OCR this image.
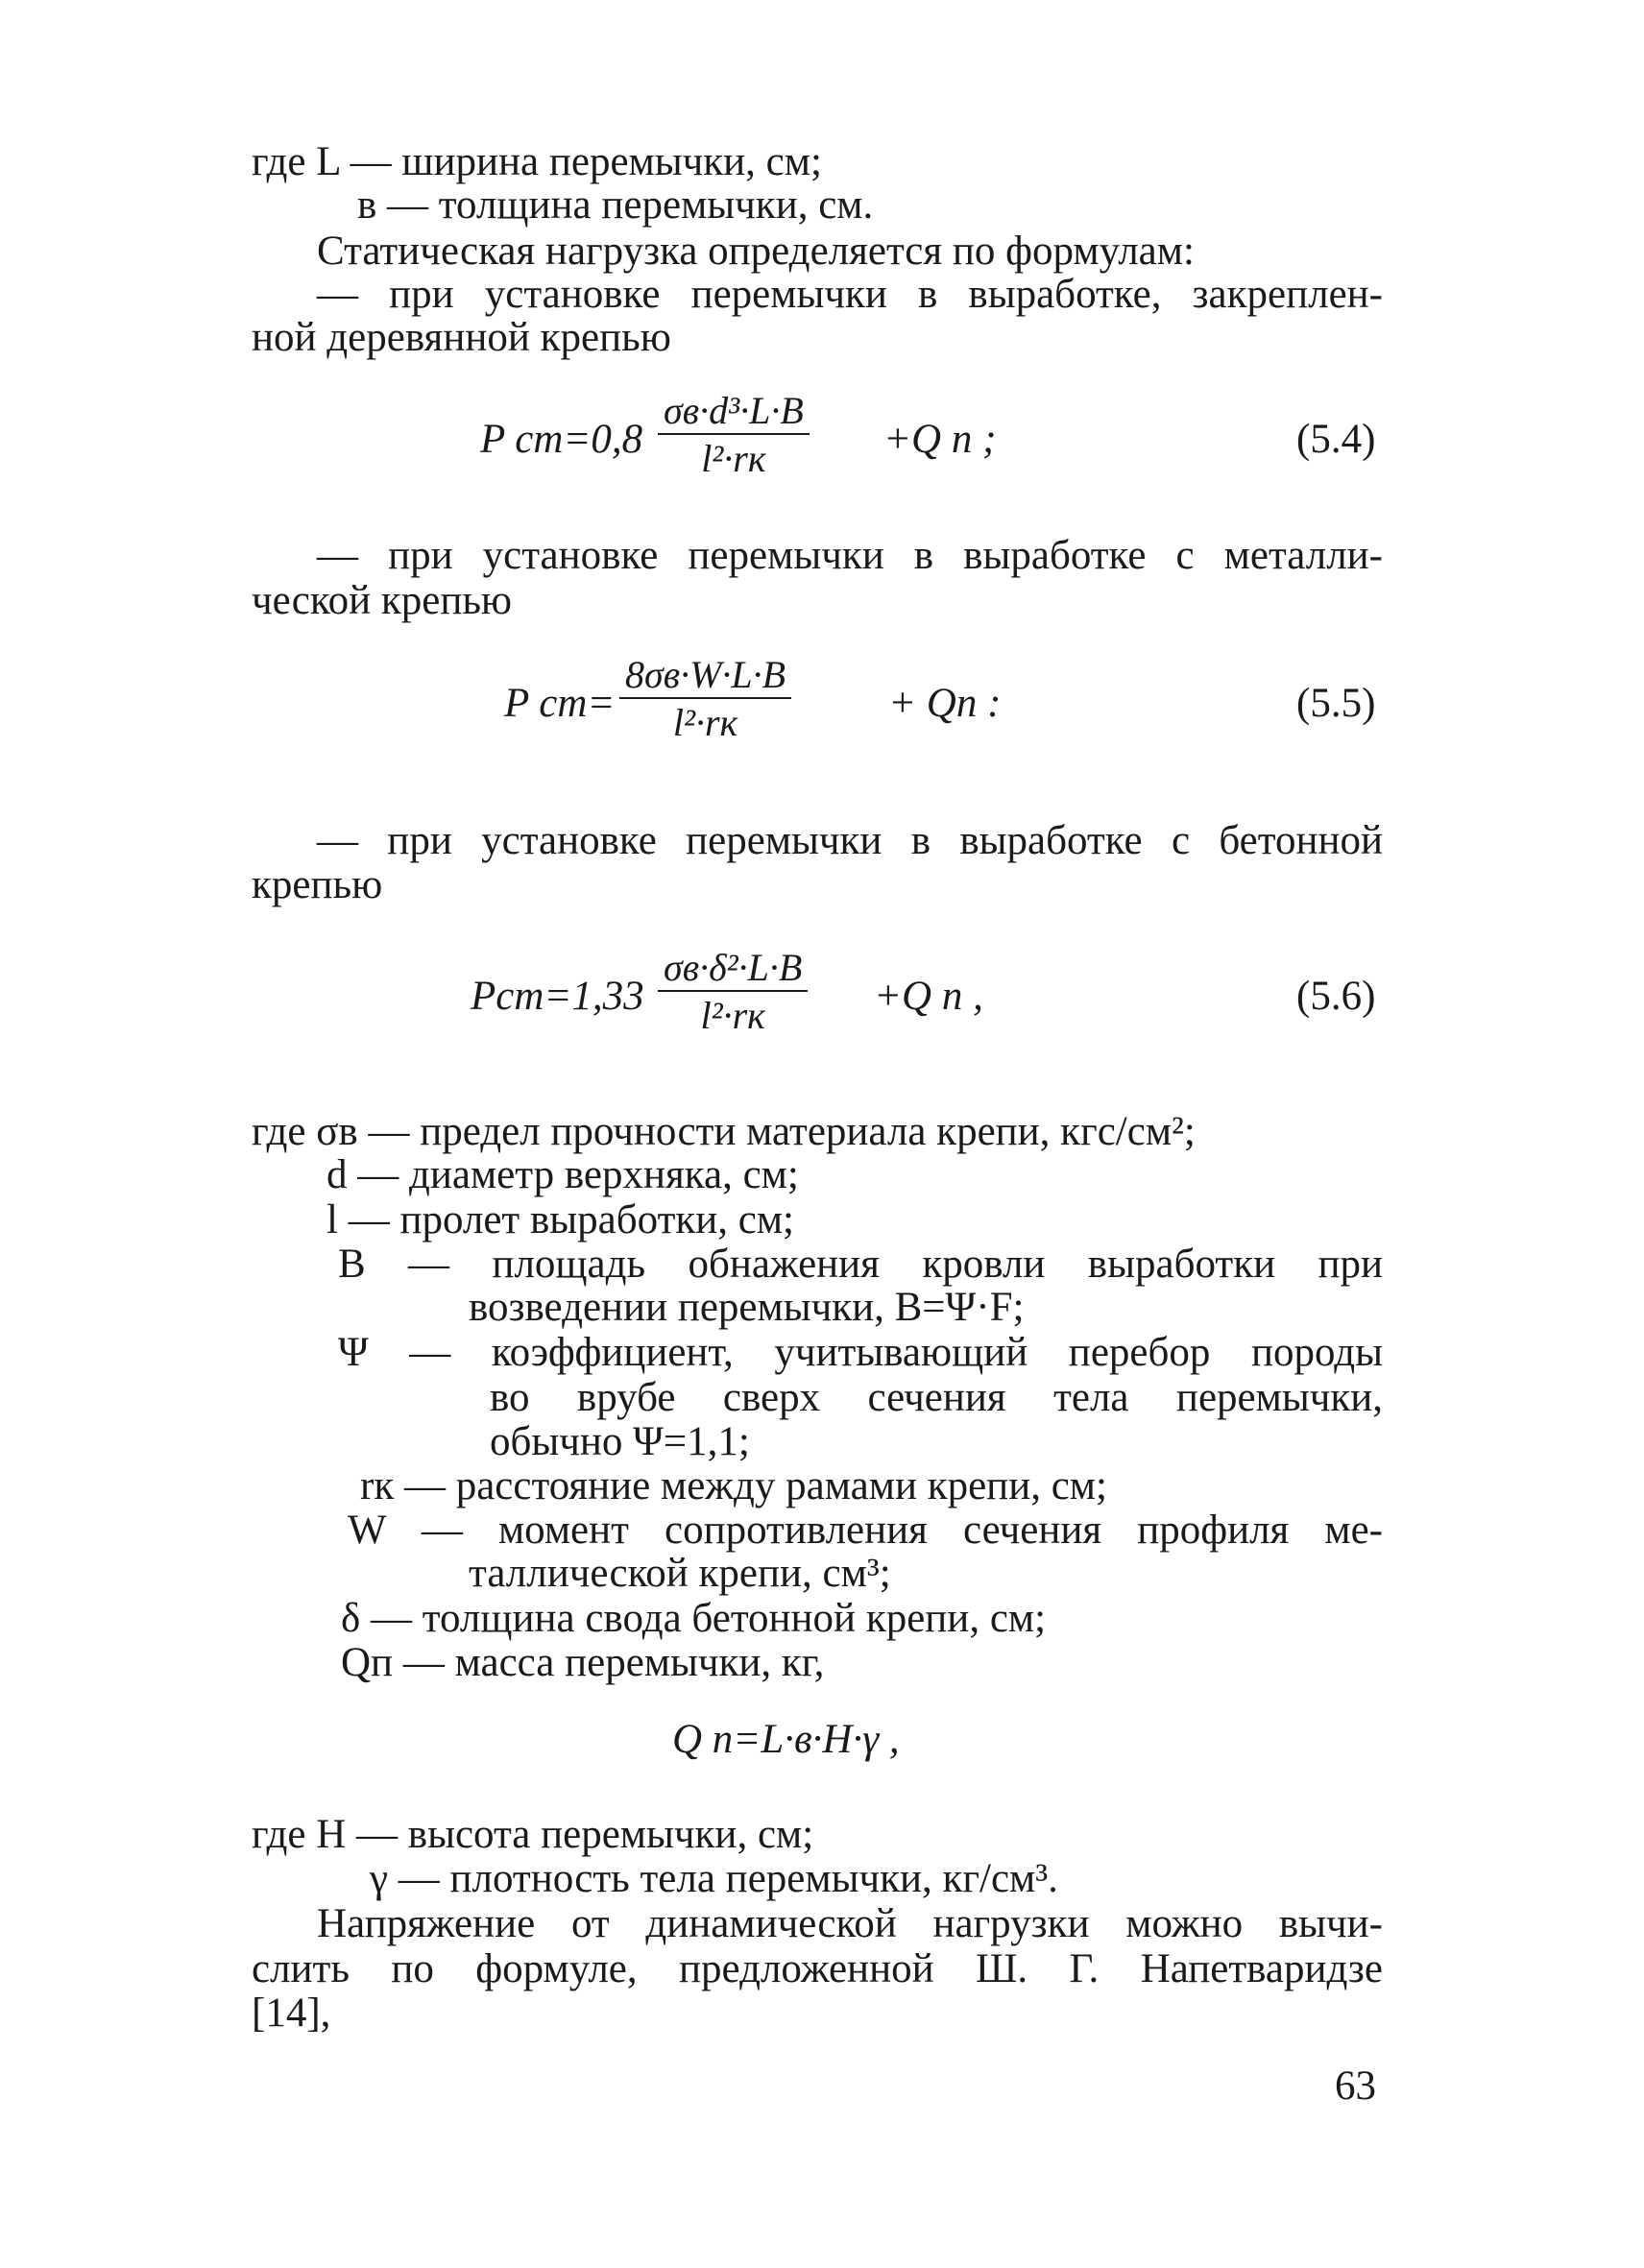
где L — ширина перемычки, см;
в — толщина перемычки, см.
Статическая нагрузка определяется по формулам:
— при установке перемычки в выработке, закреплен-
ной деревянной крепью
P ст=0,8
σв·d³·L·B
l²·rк	+Q п ;	(5.4)
— при установке перемычки в выработке с металли-
ческой крепью
P ст=
8σв·W·L·B
l²·rк	+ Qп :	(5.5)
— при установке перемычки в выработке с бетонной
крепью
Pст=1,33
σв·δ²·L·B
l²·rк	+Q п ,	(5.6)
где σв — предел прочности материала крепи, кгс/см²;
d — диаметр верхняка, см;
l — пролет выработки, см;
B — площадь обнажения кровли выработки при
возведении перемычки, B=Ψ·F;
Ψ — коэффициент, учитывающий перебор породы
во врубе сверх сечения тела перемычки,
обычно Ψ=1,1;
rк — расстояние между рамами крепи, см;
W — момент сопротивления сечения профиля ме-
таллической крепи, см³;
δ — толщина свода бетонной крепи, см;
Qп — масса перемычки, кг,
Q п=L·в·H·γ ,
где H — высота перемычки, см;
γ — плотность тела перемычки, кг/см³.
Напряжение от динамической нагрузки можно вычи-
слить по формуле, предложенной Ш. Г. Напетваридзе
[14],
63
